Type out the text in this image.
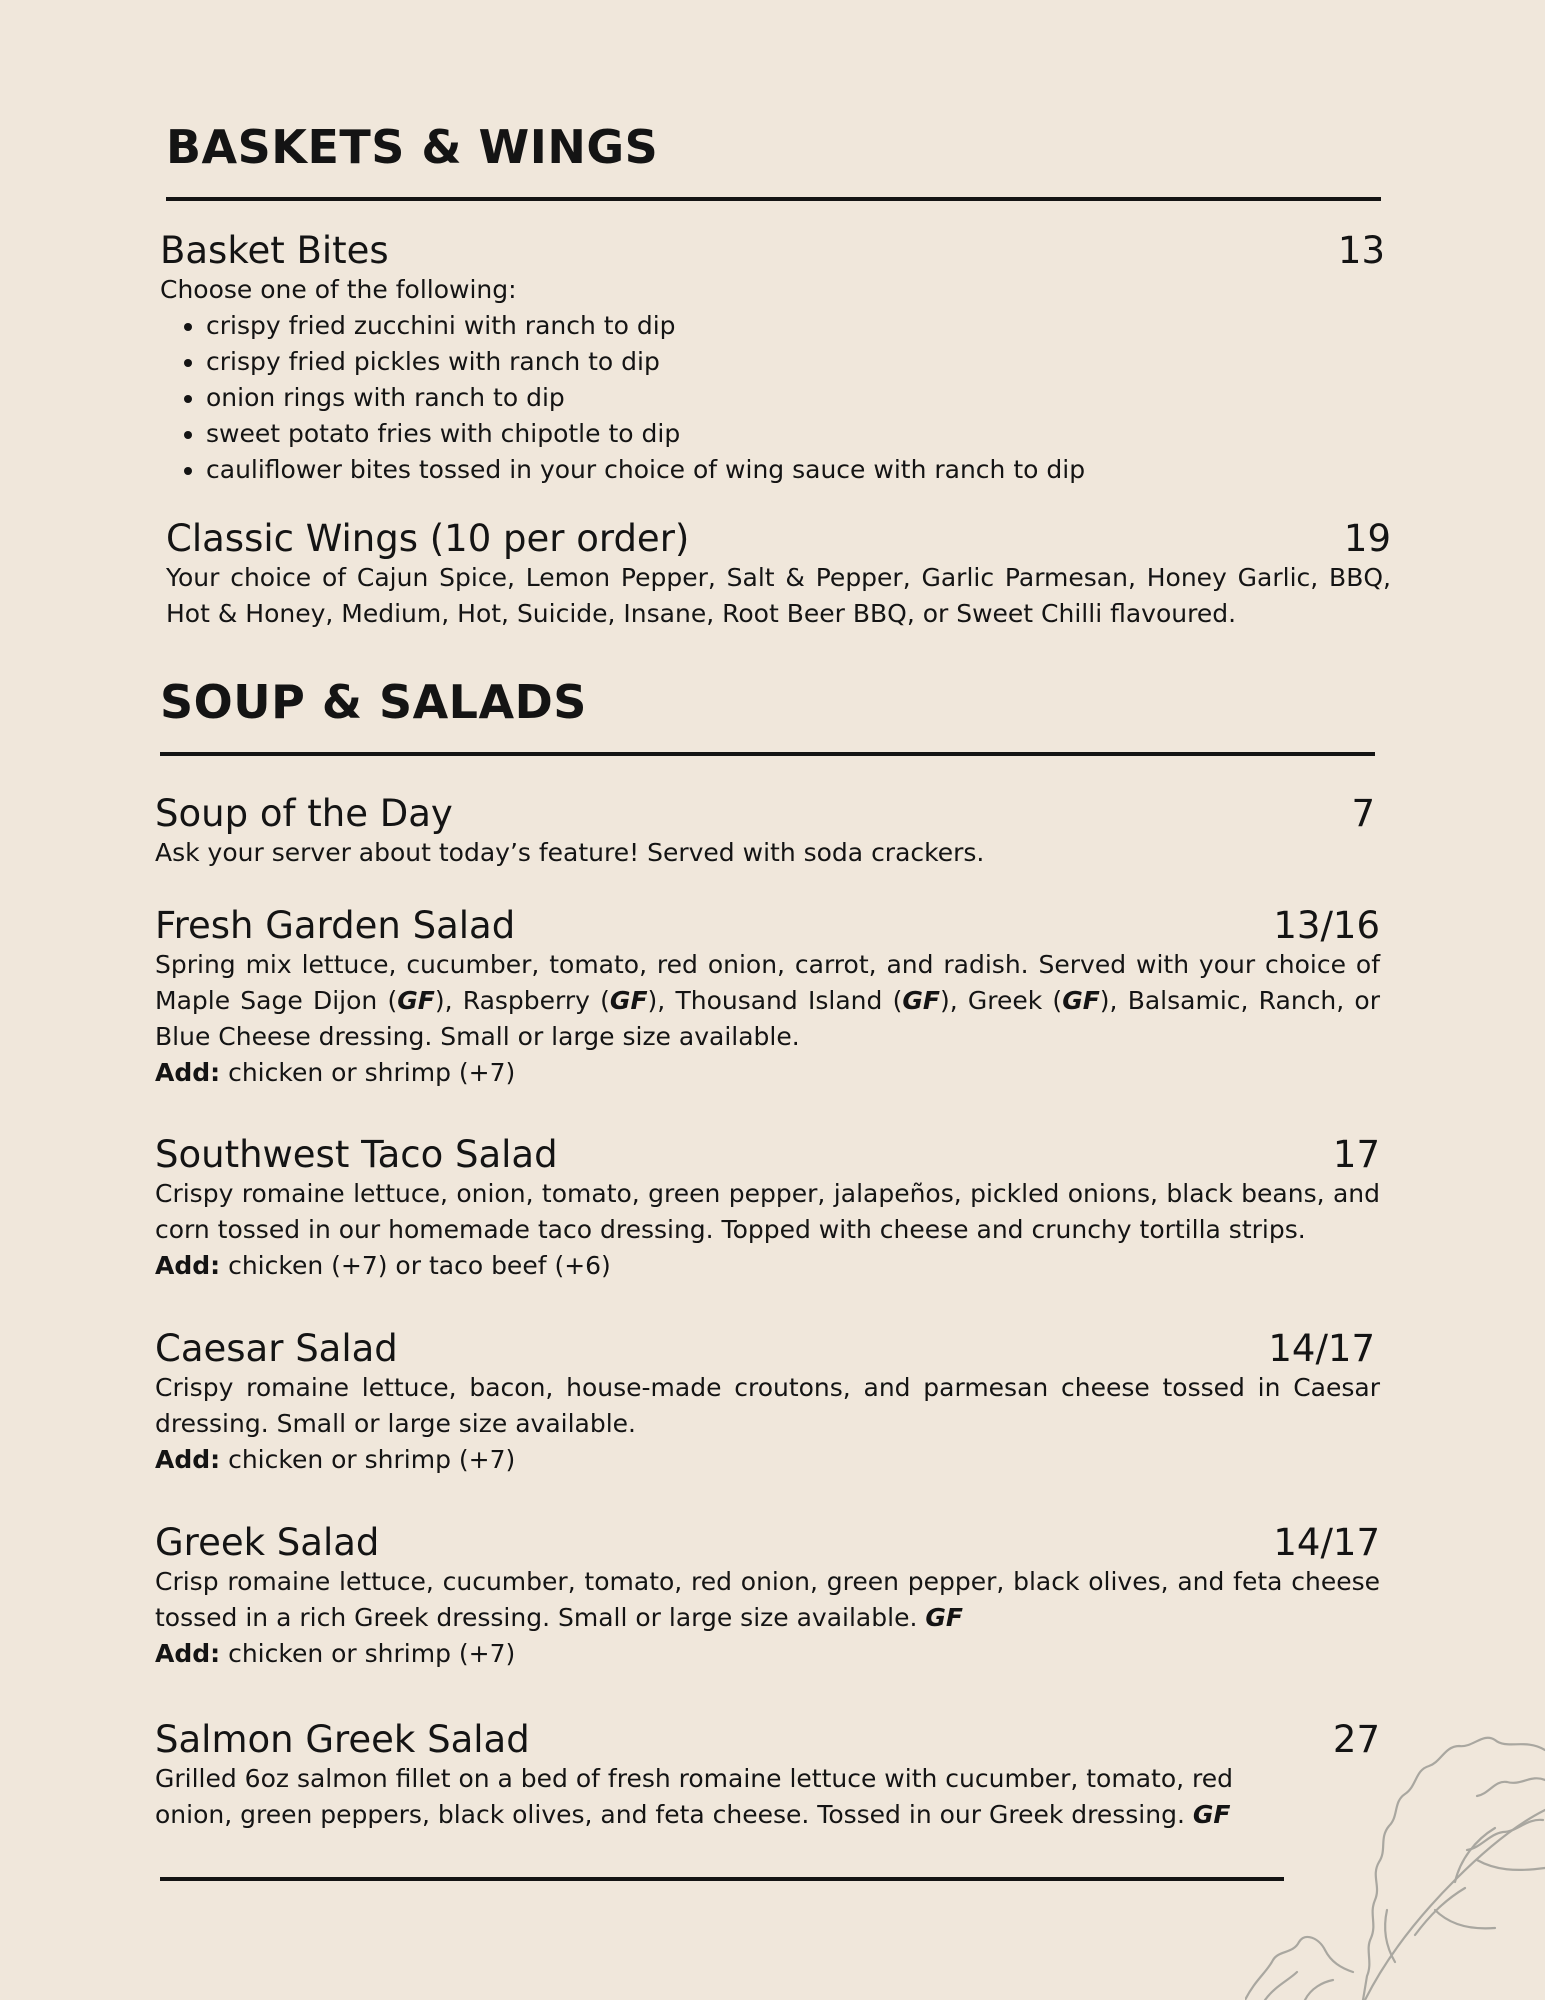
BASKETS & WINGS
Basket Bites	13
Choose one of the following:
• crispy fried zucchini with ranch to dip
• crispy fried pickles with ranch to dip
• onion rings with ranch to dip
• sweet potato fries with chipotle to dip
• cauliflower bites tossed in your choice of wing sauce with ranch to dip
Classic Wings (10 per order)	19

Your choice of Cajun Spice, Lemon Pepper, Salt & Pepper, Garlic Parmesan, Honey Garlic, BBQ, Hot & Honey, Medium, Hot, Suicide, Insane, Root Beer BBQ, or Sweet Chilli flavoured.

SOUP & SALADS
Soup of the Day	7

Ask your server about today’s feature! Served with soda crackers.

Fresh Garden Salad	13/16

Spring mix lettuce, cucumber, tomato, red onion, carrot, and radish. Served with your choice of Maple Sage Dijon (GF), Raspberry (GF), Thousand Island (GF), Greek (GF), Balsamic, Ranch, or Blue Cheese dressing. Small or large size available.

Add: chicken or shrimp (+7)
Southwest Taco Salad	17

Crispy romaine lettuce, onion, tomato, green pepper, jalapeños, pickled onions, black beans, and corn tossed in our homemade taco dressing. Topped with cheese and crunchy tortilla strips.

Add: chicken (+7) or taco beef (+6)
Caesar Salad	14/17

Crispy romaine lettuce, bacon, house-made croutons, and parmesan cheese tossed in Caesar dressing. Small or large size available.

Add: chicken or shrimp (+7)
Greek Salad	14/17

Crisp romaine lettuce, cucumber, tomato, red onion, green pepper, black olives, and feta cheese tossed in a rich Greek dressing. Small or large size available. GF

Add: chicken or shrimp (+7)
Salmon Greek Salad	27

Grilled 6oz salmon fillet on a bed of fresh romaine lettuce with cucumber, tomato, red onion, green peppers, black olives, and feta cheese. Tossed in our Greek dressing. GF
